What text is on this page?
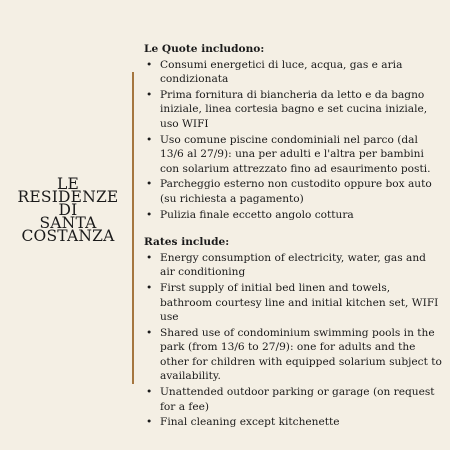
LE RESIDENZE
DI
SANTA
COSTANZA
Le Quote includono:
• Consumi energetici di luce, acqua, gas e aria condizionata
• Prima fornitura di biancheria da letto e da bagno iniziale, linea cortesia bagno e set cucina iniziale, uso WIFI
• Uso comune piscine condominiali nel parco (dal 13/6 al 27/9): una per adulti e l'altra per bambini con solarium attrezzato fino ad esaurimento posti.
• Parcheggio esterno non custodito oppure box auto (su richiesta a pagamento)
• Pulizia finale eccetto angolo cottura
Rates include:
• Energy consumption of electricity, water, gas and air conditioning
• First supply of initial bed linen and towels, bathroom courtesy line and initial kitchen set, WIFI use
• Shared use of condominium swimming pools in the park (from 13/6 to 27/9): one for adults and the other for children with equipped solarium subject to availability.
• Unattended outdoor parking or garage (on request for a fee)
• Final cleaning except kitchenette
